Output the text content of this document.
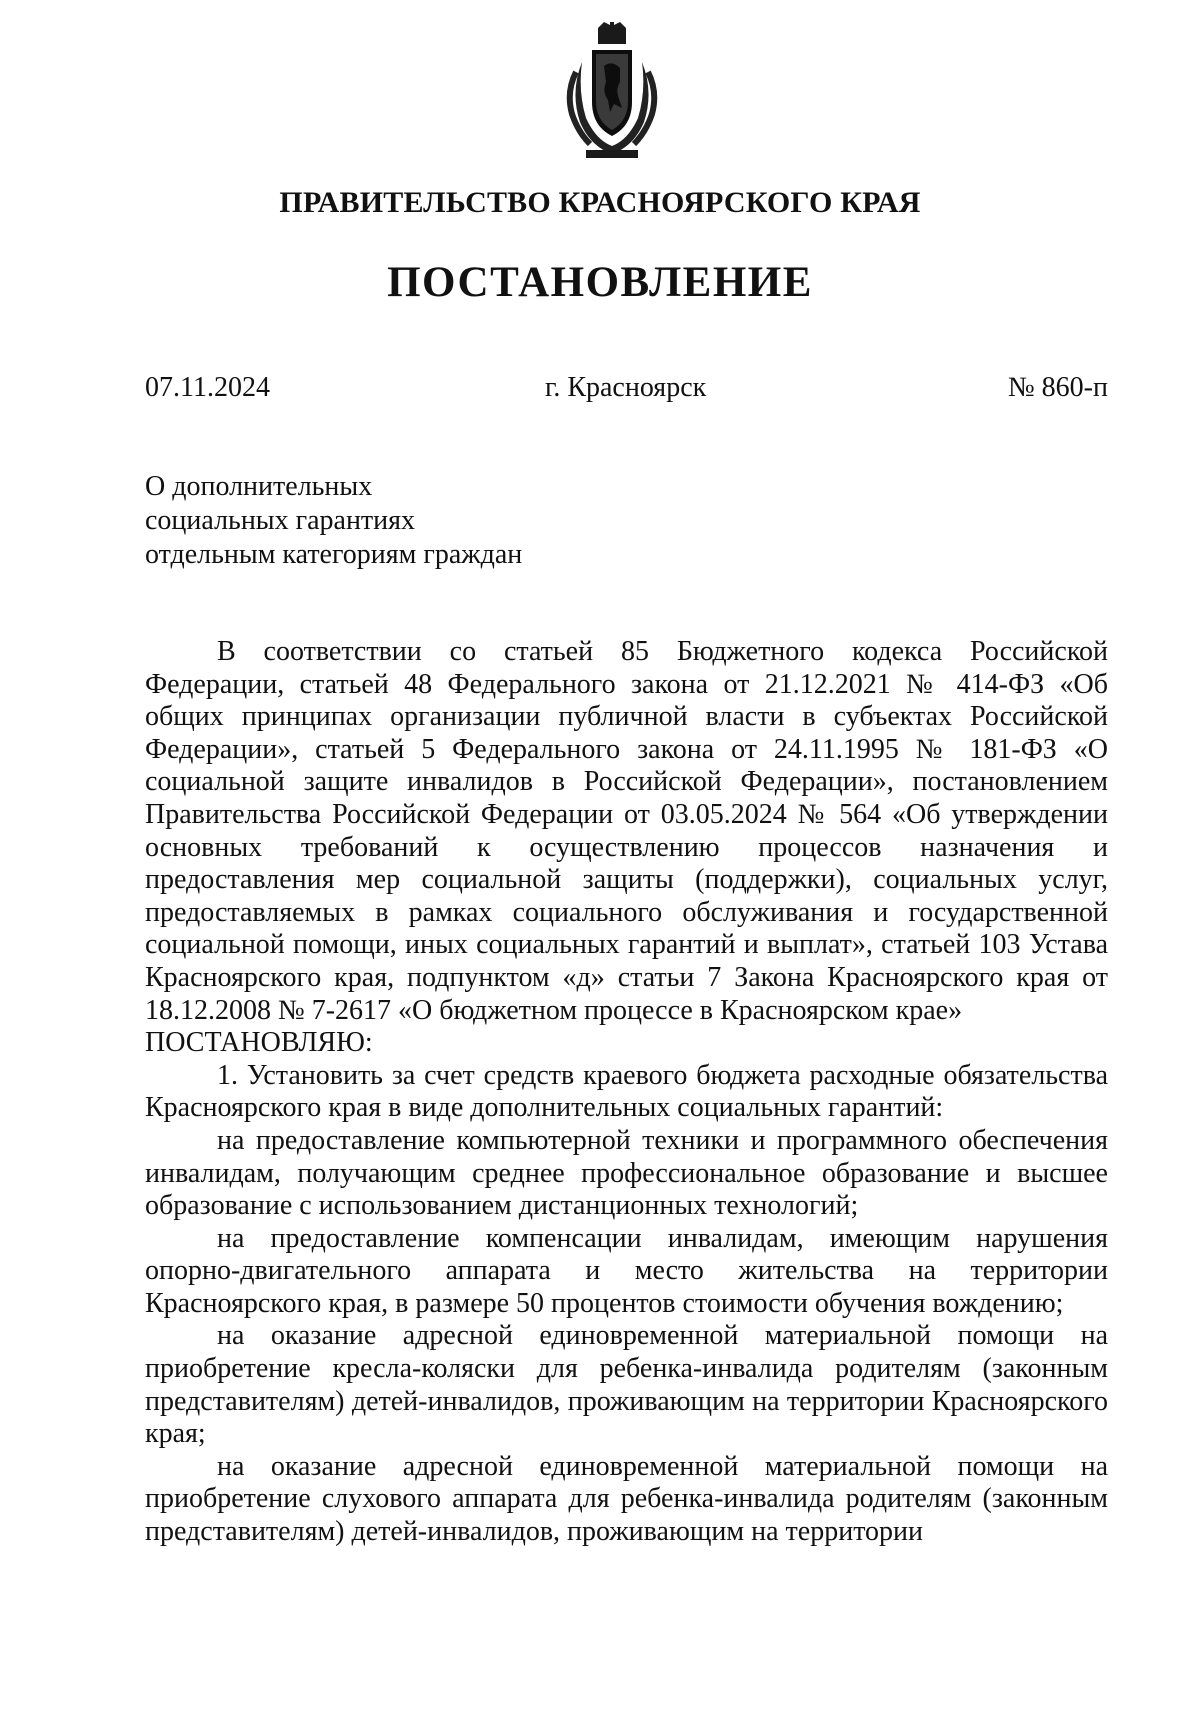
ПРАВИТЕЛЬСТВО КРАСНОЯРСКОГО КРАЯ
ПОСТАНОВЛЕНИЕ
07.11.2024	г. Красноярск	№ 860-п
О дополнительных
социальных гарантиях
отдельным категориям граждан

В соответствии со статьей 85 Бюджетного кодекса Российской Федерации, статьей 48 Федерального закона от 21.12.2021 № 414-ФЗ «Об общих принципах организации публичной власти в субъектах Российской Федерации», статьей 5 Федерального закона от 24.11.1995 № 181-ФЗ «О социальной защите инвалидов в Российской Федерации», постановлением Правительства Российской Федерации от 03.05.2024 № 564 «Об утверждении основных требований к осуществлению процессов назначения и предоставления мер социальной защиты (поддержки), социальных услуг, предоставляемых в рамках социального обслуживания и государственной социальной помощи, иных социальных гарантий и выплат», статьей 103 Устава Красноярского края, подпунктом «д» статьи 7 Закона Красноярского края от 18.12.2008 № 7-2617 «О бюджетном процессе в Красноярском крае»

ПОСТАНОВЛЯЮ:

1. Установить за счет средств краевого бюджета расходные обязательства Красноярского края в виде дополнительных социальных гарантий:

на предоставление компьютерной техники и программного обеспечения инвалидам, получающим среднее профессиональное образование и высшее образование с использованием дистанционных технологий;

на предоставление компенсации инвалидам, имеющим нарушения опорно-двигательного аппарата и место жительства на территории Красноярского края, в размере 50 процентов стоимости обучения вождению;

на оказание адресной единовременной материальной помощи на приобретение кресла-коляски для ребенка-инвалида родителям (законным представителям) детей-инвалидов, проживающим на территории Красноярского края;

на оказание адресной единовременной материальной помощи на приобретение слухового аппарата для ребенка-инвалида родителям (законным представителям) детей-инвалидов, проживающим на территории
